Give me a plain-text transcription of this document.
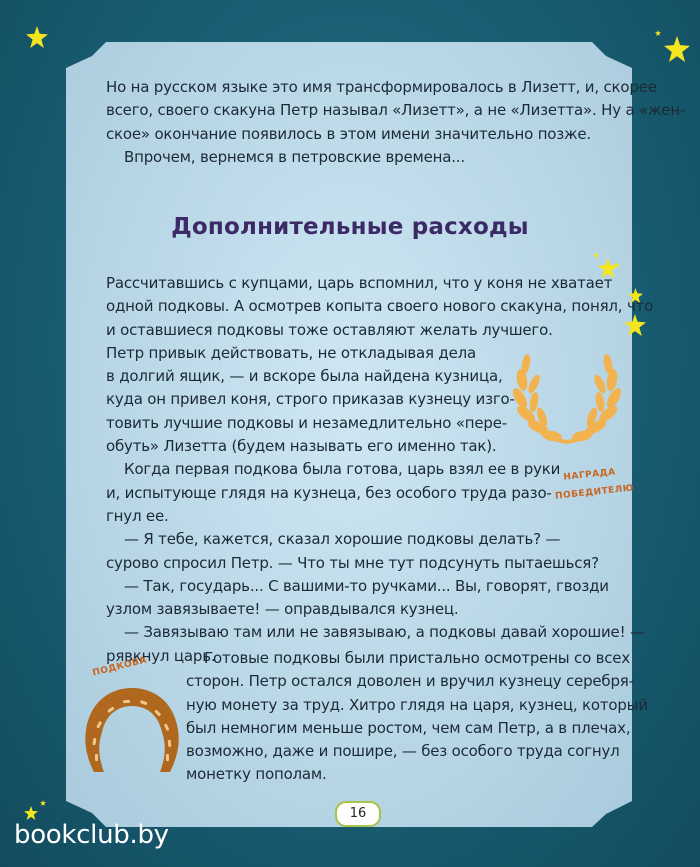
Но на русском языке это имя трансформировалось в Лизетт, и, скорее
всего, своего скакуна Петр называл «Лизетт», а не «Лизетта». Ну а «жен-
ское» окончание появилось в этом имени значительно позже.
Впрочем, вернемся в петровские времена...

Дополнительные расходы

Рассчитавшись с купцами, царь вспомнил, что у коня не хватает
одной подковы. А осмотрев копыта своего нового скакуна, понял, что
и оставшиеся подковы тоже оставляют желать лучшего.
Петр привык действовать, не откладывая дела
в долгий ящик, — и вскоре была найдена кузница,
куда он привел коня, строго приказав кузнецу изго-
товить лучшие подковы и незамедлительно «пере-
обуть» Лизетта (будем называть его именно так).
Когда первая подкова была готова, царь взял ее в руки
и, испытующе глядя на кузнеца, без особого труда разо-
гнул ее.
— Я тебе, кажется, сказал хорошие подковы делать? —
сурово спросил Петр. — Что ты мне тут подсунуть пытаешься?
— Так, государь... С вашими-то ручками... Вы, говорят, гвозди
узлом завязываете! — оправдывался кузнец.
— Завязываю там или не завязываю, а подковы давай хорошие! —
рявкнул царь.

Готовые подковы были пристально осмотрены со всех
сторон. Петр остался доволен и вручил кузнецу серебря-
ную монету за труд. Хитро глядя на царя, кузнец, который
был немногим меньше ростом, чем сам Петр, а в плечах,
возможно, даже и пошире, — без особого труда согнул
монетку пополам.

НАГРАДА
ПОБЕДИТЕЛЮ
ПОДКОВА
16
bookclub.by
